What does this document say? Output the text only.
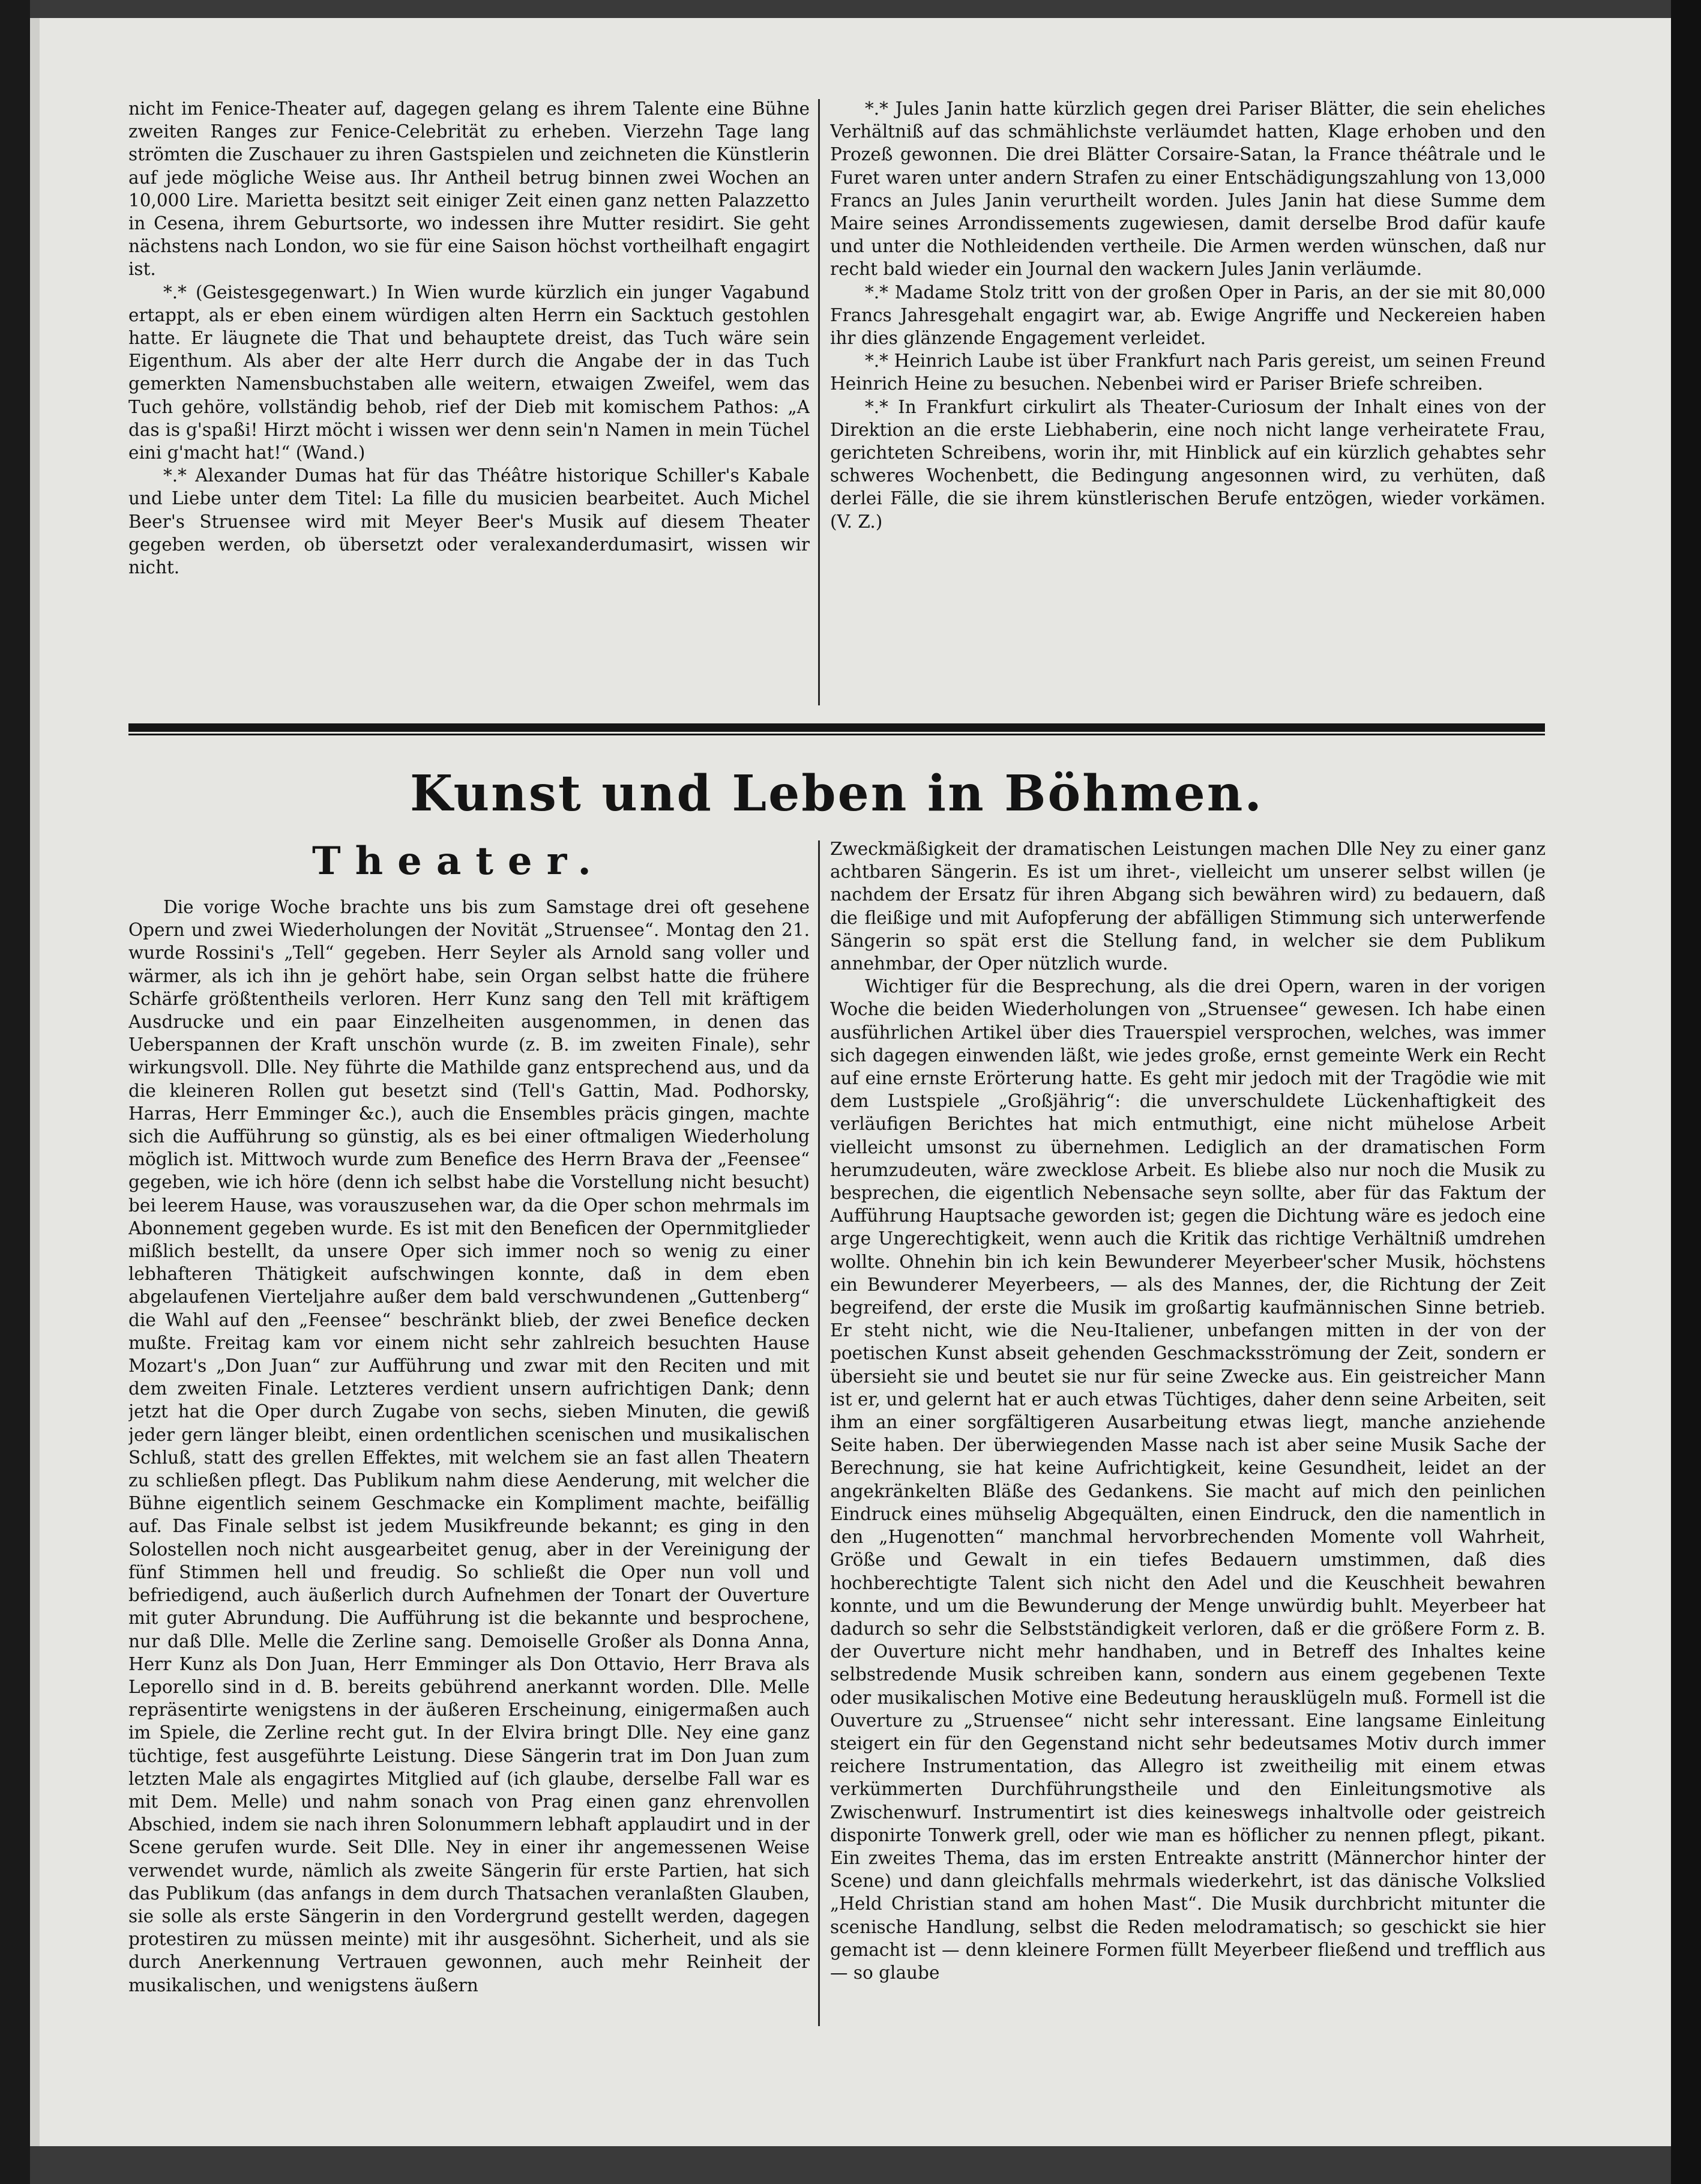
nicht im Fenice-Theater auf, dagegen gelang es ihrem Talente eine Bühne zweiten Ranges zur Fenice-Celebrität zu erheben. Vierzehn Tage lang strömten die Zuschauer zu ihren Gastspielen und zeichneten die Künstlerin auf jede mögliche Weise aus. Ihr Antheil betrug binnen zwei Wochen an 10,000 Lire. Marietta besitzt seit einiger Zeit einen ganz netten Palazzetto in Cesena, ihrem Geburtsorte, wo indessen ihre Mutter residirt. Sie geht nächstens nach London, wo sie für eine Saison höchst vortheilhaft engagirt ist.

*.* (Geistesgegenwart.) In Wien wurde kürzlich ein junger Vagabund ertappt, als er eben einem würdigen alten Herrn ein Sacktuch gestohlen hatte. Er läugnete die That und behauptete dreist, das Tuch wäre sein Eigenthum. Als aber der alte Herr durch die Angabe der in das Tuch gemerkten Namensbuchstaben alle weitern, etwaigen Zweifel, wem das Tuch gehöre, vollständig behob, rief der Dieb mit komischem Pathos: „A das is g'spaßi! Hirzt möcht i wissen wer denn sein'n Namen in mein Tüchel eini g'macht hat!“ (Wand.)

*.* Alexander Dumas hat für das Théâtre historique Schiller's Kabale und Liebe unter dem Titel: La fille du musicien bearbeitet. Auch Michel Beer's Struensee wird mit Meyer Beer's Musik auf diesem Theater gegeben werden, ob übersetzt oder veralexanderdumasirt, wissen wir nicht.

*.* Jules Janin hatte kürzlich gegen drei Pariser Blätter, die sein eheliches Verhältniß auf das schmählichste verläumdet hatten, Klage erhoben und den Prozeß gewonnen. Die drei Blätter Corsaire-Satan, la France théâtrale und le Furet waren unter andern Strafen zu einer Entschädigungszahlung von 13,000 Francs an Jules Janin verurtheilt worden. Jules Janin hat diese Summe dem Maire seines Arrondissements zugewiesen, damit derselbe Brod dafür kaufe und unter die Nothleidenden vertheile. Die Armen werden wünschen, daß nur recht bald wieder ein Journal den wackern Jules Janin verläumde.

*.* Madame Stolz tritt von der großen Oper in Paris, an der sie mit 80,000 Francs Jahresgehalt engagirt war, ab. Ewige Angriffe und Neckereien haben ihr dies glänzende Engagement verleidet.

*.* Heinrich Laube ist über Frankfurt nach Paris gereist, um seinen Freund Heinrich Heine zu besuchen. Nebenbei wird er Pariser Briefe schreiben.

*.* In Frankfurt cirkulirt als Theater-Curiosum der Inhalt eines von der Direktion an die erste Liebhaberin, eine noch nicht lange verheiratete Frau, gerichteten Schreibens, worin ihr, mit Hinblick auf ein kürzlich gehabtes sehr schweres Wochenbett, die Bedingung angesonnen wird, zu verhüten, daß derlei Fälle, die sie ihrem künstlerischen Berufe entzögen, wieder vorkämen. (V. Z.)

Kunst und Leben in Böhmen.
Theater.

Die vorige Woche brachte uns bis zum Samstage drei oft gesehene Opern und zwei Wiederholungen der Novität „Struensee“. Montag den 21. wurde Rossini's „Tell“ gegeben. Herr Seyler als Arnold sang voller und wärmer, als ich ihn je gehört habe, sein Organ selbst hatte die frühere Schärfe größtentheils verloren. Herr Kunz sang den Tell mit kräftigem Ausdrucke und ein paar Einzelheiten ausgenommen, in denen das Ueberspannen der Kraft unschön wurde (z. B. im zweiten Finale), sehr wirkungsvoll. Dlle. Ney führte die Mathilde ganz entsprechend aus, und da die kleineren Rollen gut besetzt sind (Tell's Gattin, Mad. Podhorsky, Harras, Herr Emminger &c.), auch die Ensembles präcis gingen, machte sich die Aufführung so günstig, als es bei einer oftmaligen Wiederholung möglich ist. Mittwoch wurde zum Benefice des Herrn Brava der „Feensee“ gegeben, wie ich höre (denn ich selbst habe die Vorstellung nicht besucht) bei leerem Hause, was vorauszusehen war, da die Oper schon mehrmals im Abonnement gegeben wurde. Es ist mit den Beneficen der Opernmitglieder mißlich bestellt, da unsere Oper sich immer noch so wenig zu einer lebhafteren Thätigkeit aufschwingen konnte, daß in dem eben abgelaufenen Vierteljahre außer dem bald verschwundenen „Guttenberg“ die Wahl auf den „Feensee“ beschränkt blieb, der zwei Benefice decken mußte. Freitag kam vor einem nicht sehr zahlreich besuchten Hause Mozart's „Don Juan“ zur Aufführung und zwar mit den Reciten und mit dem zweiten Finale. Letzteres verdient unsern aufrichtigen Dank; denn jetzt hat die Oper durch Zugabe von sechs, sieben Minuten, die gewiß jeder gern länger bleibt, einen ordentlichen scenischen und musikalischen Schluß, statt des grellen Effektes, mit welchem sie an fast allen Theatern zu schließen pflegt. Das Publikum nahm diese Aenderung, mit welcher die Bühne eigentlich seinem Geschmacke ein Kompliment machte, beifällig auf. Das Finale selbst ist jedem Musikfreunde bekannt; es ging in den Solostellen noch nicht ausgearbeitet genug, aber in der Vereinigung der fünf Stimmen hell und freudig. So schließt die Oper nun voll und befriedigend, auch äußerlich durch Aufnehmen der Tonart der Ouverture mit guter Abrundung. Die Aufführung ist die bekannte und besprochene, nur daß Dlle. Melle die Zerline sang. Demoiselle Großer als Donna Anna, Herr Kunz als Don Juan, Herr Emminger als Don Ottavio, Herr Brava als Leporello sind in d. B. bereits gebührend anerkannt worden. Dlle. Melle repräsentirte wenigstens in der äußeren Erscheinung, einigermaßen auch im Spiele, die Zerline recht gut. In der Elvira bringt Dlle. Ney eine ganz tüchtige, fest ausgeführte Leistung. Diese Sängerin trat im Don Juan zum letzten Male als engagirtes Mitglied auf (ich glaube, derselbe Fall war es mit Dem. Melle) und nahm sonach von Prag einen ganz ehrenvollen Abschied, indem sie nach ihren Solonummern lebhaft applaudirt und in der Scene gerufen wurde. Seit Dlle. Ney in einer ihr angemessenen Weise verwendet wurde, nämlich als zweite Sängerin für erste Partien, hat sich das Publikum (das anfangs in dem durch Thatsachen veranlaßten Glauben, sie solle als erste Sängerin in den Vordergrund gestellt werden, dagegen protestiren zu müssen meinte) mit ihr ausgesöhnt. Sicherheit, und als sie durch Anerkennung Vertrauen gewonnen, auch mehr Reinheit der musikalischen, und wenigstens äußern

Zweckmäßigkeit der dramatischen Leistungen machen Dlle Ney zu einer ganz achtbaren Sängerin. Es ist um ihret-, vielleicht um unserer selbst willen (je nachdem der Ersatz für ihren Abgang sich bewähren wird) zu bedauern, daß die fleißige und mit Aufopferung der abfälligen Stimmung sich unterwerfende Sängerin so spät erst die Stellung fand, in welcher sie dem Publikum annehmbar, der Oper nützlich wurde.

Wichtiger für die Besprechung, als die drei Opern, waren in der vorigen Woche die beiden Wiederholungen von „Struensee“ gewesen. Ich habe einen ausführlichen Artikel über dies Trauerspiel versprochen, welches, was immer sich dagegen einwenden läßt, wie jedes große, ernst gemeinte Werk ein Recht auf eine ernste Erörterung hatte. Es geht mir jedoch mit der Tragödie wie mit dem Lustspiele „Großjährig“: die unverschuldete Lückenhaftigkeit des verläufigen Berichtes hat mich entmuthigt, eine nicht mühelose Arbeit vielleicht umsonst zu übernehmen. Lediglich an der dramatischen Form herumzudeuten, wäre zwecklose Arbeit. Es bliebe also nur noch die Musik zu besprechen, die eigentlich Nebensache seyn sollte, aber für das Faktum der Aufführung Hauptsache geworden ist; gegen die Dichtung wäre es jedoch eine arge Ungerechtigkeit, wenn auch die Kritik das richtige Verhältniß umdrehen wollte. Ohnehin bin ich kein Bewunderer Meyerbeer'scher Musik, höchstens ein Bewunderer Meyerbeers, — als des Mannes, der, die Richtung der Zeit begreifend, der erste die Musik im großartig kaufmännischen Sinne betrieb. Er steht nicht, wie die Neu-Italiener, unbefangen mitten in der von der poetischen Kunst abseit gehenden Geschmacksströmung der Zeit, sondern er übersieht sie und beutet sie nur für seine Zwecke aus. Ein geistreicher Mann ist er, und gelernt hat er auch etwas Tüchtiges, daher denn seine Arbeiten, seit ihm an einer sorgfältigeren Ausarbeitung etwas liegt, manche anziehende Seite haben. Der überwiegenden Masse nach ist aber seine Musik Sache der Berechnung, sie hat keine Aufrichtigkeit, keine Gesundheit, leidet an der angekränkelten Bläße des Gedankens. Sie macht auf mich den peinlichen Eindruck eines mühselig Abgequälten, einen Eindruck, den die namentlich in den „Hugenotten“ manchmal hervorbrechenden Momente voll Wahrheit, Größe und Gewalt in ein tiefes Bedauern umstimmen, daß dies hochberechtigte Talent sich nicht den Adel und die Keuschheit bewahren konnte, und um die Bewunderung der Menge unwürdig buhlt. Meyerbeer hat dadurch so sehr die Selbstständigkeit verloren, daß er die größere Form z. B. der Ouverture nicht mehr handhaben, und in Betreff des Inhaltes keine selbstredende Musik schreiben kann, sondern aus einem gegebenen Texte oder musikalischen Motive eine Bedeutung herausklügeln muß. Formell ist die Ouverture zu „Struensee“ nicht sehr interessant. Eine langsame Einleitung steigert ein für den Gegenstand nicht sehr bedeutsames Motiv durch immer reichere Instrumentation, das Allegro ist zweitheilig mit einem etwas verkümmerten Durchführungstheile und den Einleitungsmotive als Zwischenwurf. Instrumentirt ist dies keineswegs inhaltvolle oder geistreich disponirte Tonwerk grell, oder wie man es höflicher zu nennen pflegt, pikant. Ein zweites Thema, das im ersten Entreakte anstritt (Männerchor hinter der Scene) und dann gleichfalls mehrmals wiederkehrt, ist das dänische Volkslied „Held Christian stand am hohen Mast“. Die Musik durchbricht mitunter die scenische Handlung, selbst die Reden melodramatisch; so geschickt sie hier gemacht ist — denn kleinere Formen füllt Meyerbeer fließend und trefflich aus — so glaube
